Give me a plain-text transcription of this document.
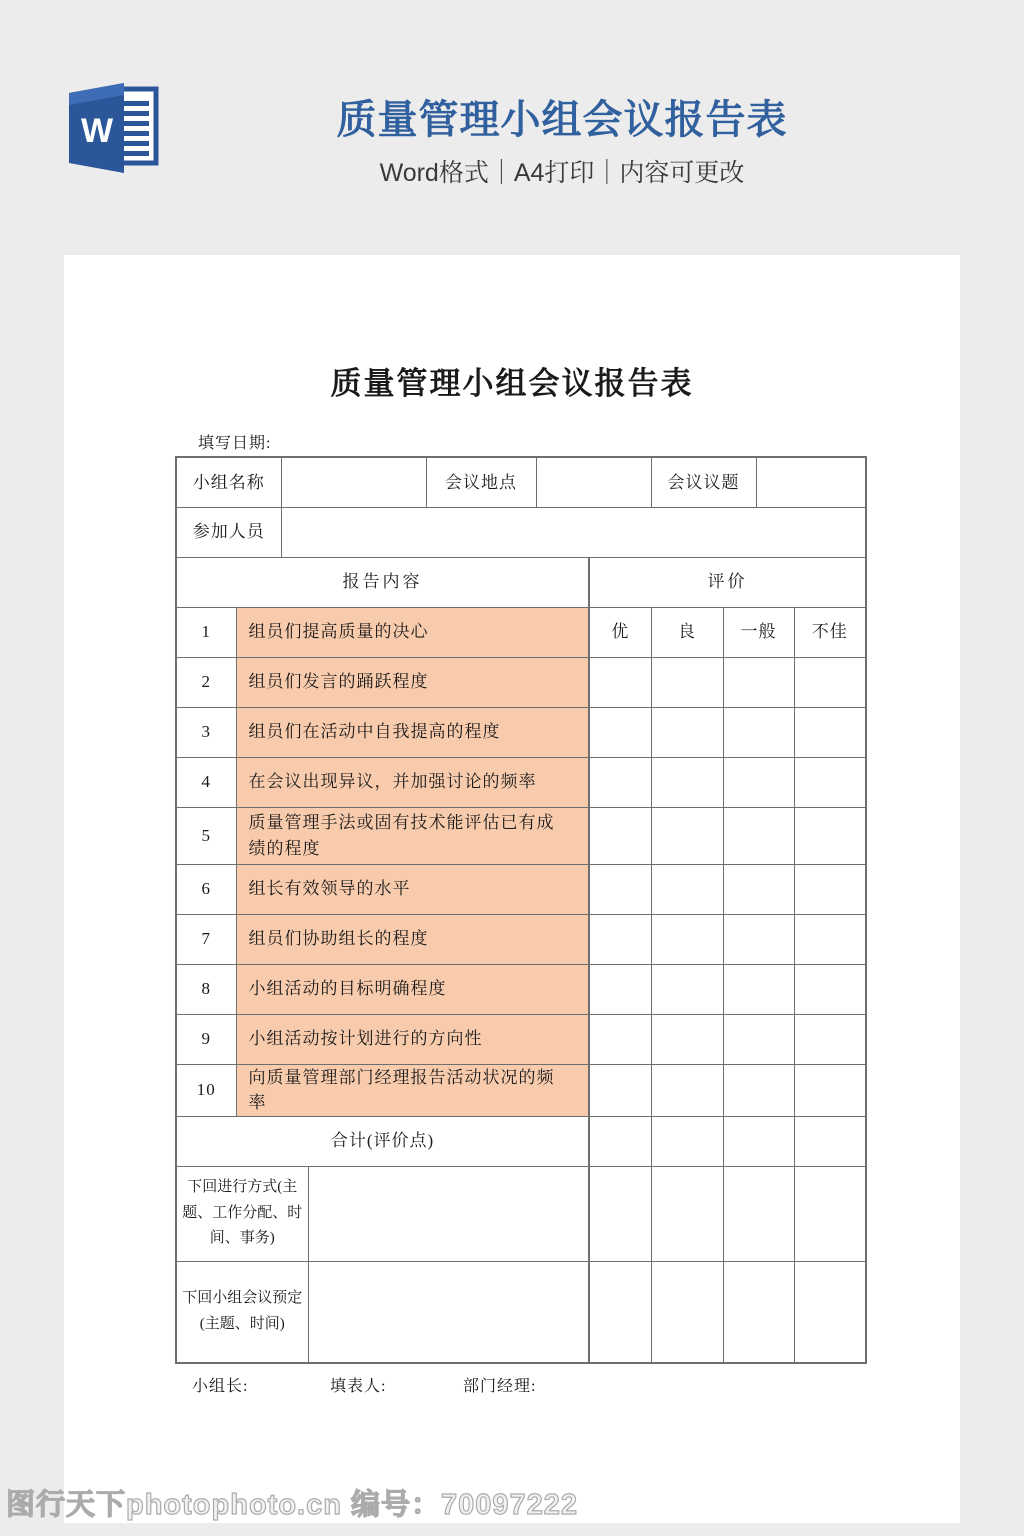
W	质量管理小组会议报告表
Word格式｜A4打印｜内容可更改
质量管理小组会议报告表
填写日期:
小组名称				会议地点			会议议题			
参加人员										
报告内容						评价				
1	组员们提高质量的决心					优	良	一般		不佳
2	组员们发言的踊跃程度									
3	组员们在活动中自我提高的程度									
4	在会议出现异议，并加强讨论的频率									
5	质量管理手法或固有技术能评估已有成绩的程度									
6	组长有效领导的水平									
7	组员们协助组长的程度									
8	小组活动的目标明确程度									
9	小组活动按计划进行的方向性									
10	向质量管理部门经理报告活动状况的频率									
合计(评价点)										
下回进行方式(主题、工作分配、时间、事务)										
下回小组会议预定(主题、时间)										
小组长:	填表人:	部门经理:
图行天下photophoto.cn 编号：70097222
